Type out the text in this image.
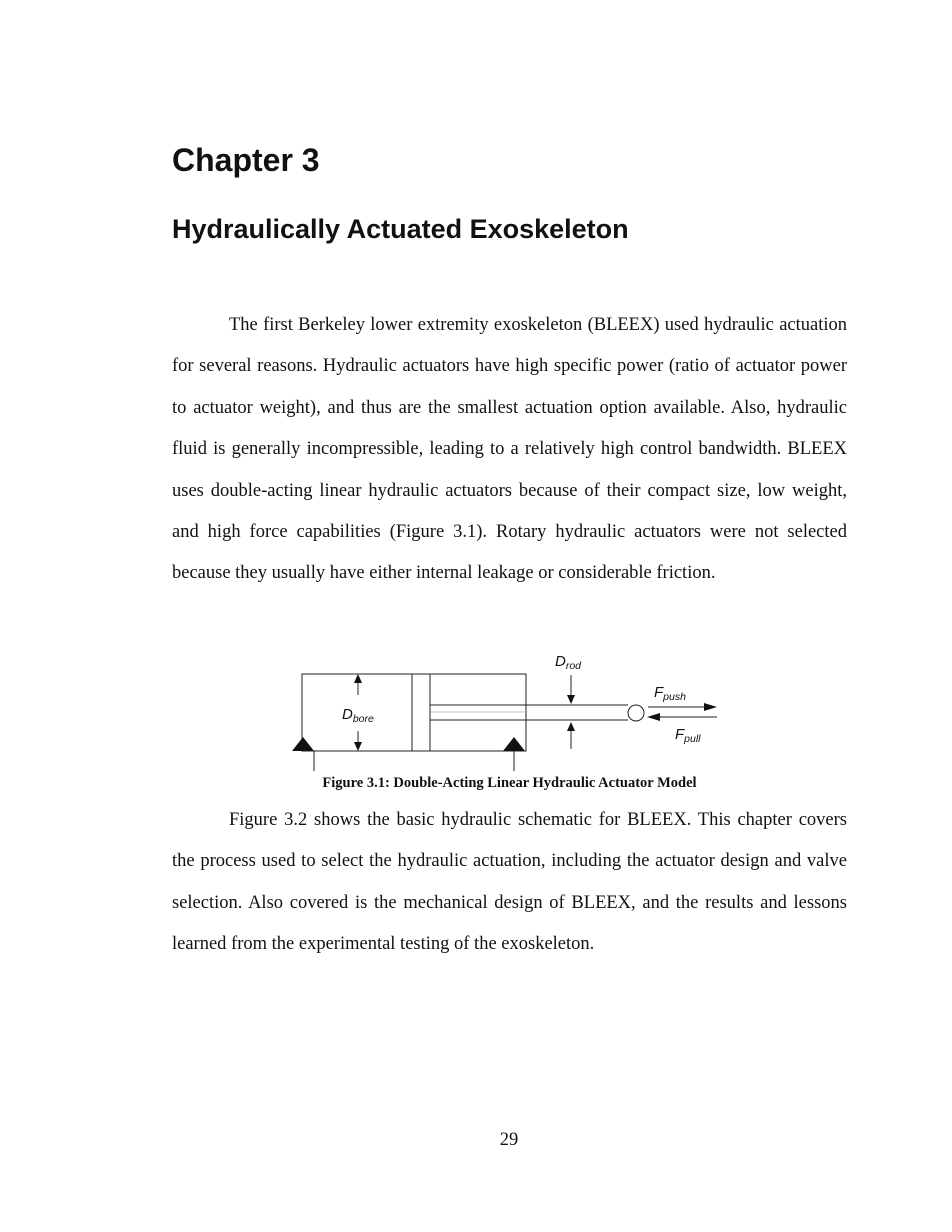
Chapter 3
Hydraulically Actuated Exoskeleton

The first Berkeley lower extremity exoskeleton (BLEEX) used hydraulic actuation for several reasons. Hydraulic actuators have high specific power (ratio of actuator power to actuator weight), and thus are the smallest actuation option available. Also, hydraulic fluid is generally incompressible, leading to a relatively high control bandwidth. BLEEX uses double-acting linear hydraulic actuators because of their compact size, low weight, and high force capabilities (Figure 3.1). Rotary hydraulic actuators were not selected because they usually have either internal leakage or considerable friction.

$D_{bore}$
$D_{rod}$
$F_{push}$
$F_{pull}$

Figure 3.1: Double-Acting Linear Hydraulic Actuator Model

Figure 3.2 shows the basic hydraulic schematic for BLEEX. This chapter covers the process used to select the hydraulic actuation, including the actuator design and valve selection. Also covered is the mechanical design of BLEEX, and the results and lessons learned from the experimental testing of the exoskeleton.

29
